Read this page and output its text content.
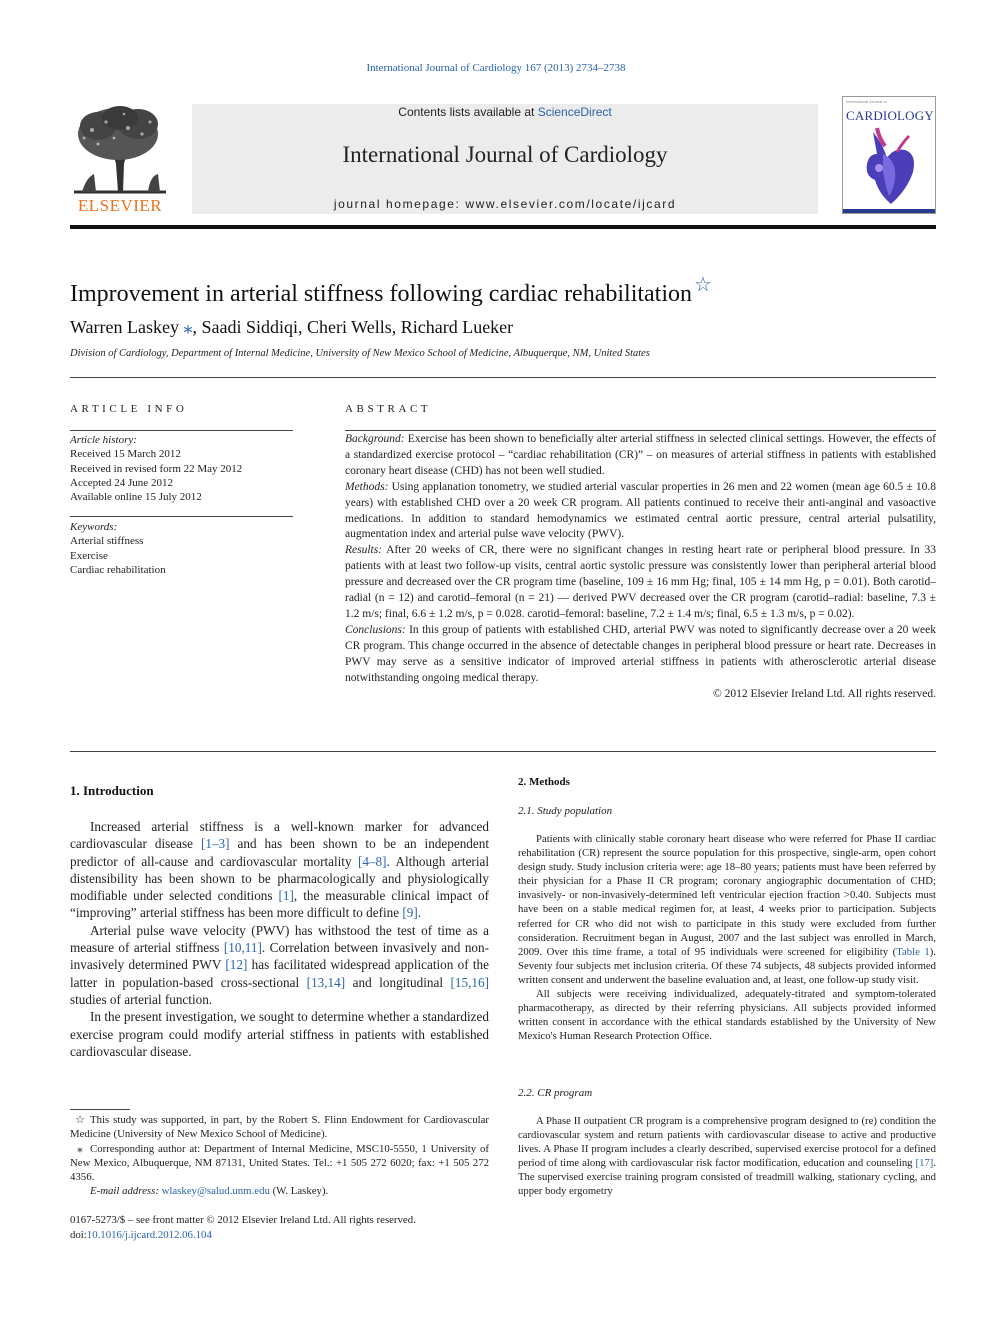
International Journal of Cardiology 167 (2013) 2734–2738
ELSEVIER
Contents lists available at ScienceDirect
International Journal of Cardiology
journal homepage: www.elsevier.com/locate/ijcard
International Journal of
CARDIOLOGY
Improvement in arterial stiffness following cardiac rehabilitation ☆
Warren Laskey ⁎, Saadi Siddiqi, Cheri Wells, Richard Lueker
Division of Cardiology, Department of Internal Medicine, University of New Mexico School of Medicine, Albuquerque, NM, United States
ARTICLE INFO
Article history:
Received 15 March 2012
Received in revised form 22 May 2012
Accepted 24 June 2012
Available online 15 July 2012
Keywords:
Arterial stiffness
Exercise
Cardiac rehabilitation
ABSTRACT

Background: Exercise has been shown to beneficially alter arterial stiffness in selected clinical settings. However, the effects of a standardized exercise protocol – “cardiac rehabilitation (CR)” – on measures of arterial stiffness in patients with established coronary heart disease (CHD) has not been well studied.

Methods: Using applanation tonometry, we studied arterial vascular properties in 26 men and 22 women (mean age 60.5 ± 10.8 years) with established CHD over a 20 week CR program. All patients continued to receive their anti-anginal and vasoactive medications. In addition to standard hemodynamics we estimated central aortic pressure, central arterial pulsatility, augmentation index and arterial pulse wave velocity (PWV).

Results: After 20 weeks of CR, there were no significant changes in resting heart rate or peripheral blood pressure. In 33 patients with at least two follow-up visits, central aortic systolic pressure was consistently lower than peripheral arterial blood pressure and decreased over the CR program time (baseline, 109 ± 16 mm Hg; final, 105 ± 14 mm Hg, p = 0.01). Both carotid–radial (n = 12) and carotid–femoral (n = 21) — derived PWV decreased over the CR program (carotid–radial: baseline, 7.3 ± 1.2 m/s; final, 6.6 ± 1.2 m/s, p = 0.028. carotid–femoral: baseline, 7.2 ± 1.4 m/s; final, 6.5 ± 1.3 m/s, p = 0.02).

Conclusions: In this group of patients with established CHD, arterial PWV was noted to significantly decrease over a 20 week CR program. This change occurred in the absence of detectable changes in peripheral blood pressure or heart rate. Decreases in PWV may serve as a sensitive indicator of improved arterial stiffness in patients with atherosclerotic arterial disease notwithstanding ongoing medical therapy.

© 2012 Elsevier Ireland Ltd. All rights reserved.

1. Introduction

Increased arterial stiffness is a well-known marker for advanced cardiovascular disease [1–3] and has been shown to be an independent predictor of all-cause and cardiovascular mortality [4–8]. Although arterial distensibility has been shown to be pharmacologically and physiologically modifiable under selected conditions [1], the measurable clinical impact of “improving” arterial stiffness has been more difficult to define [9].

Arterial pulse wave velocity (PWV) has withstood the test of time as a measure of arterial stiffness [10,11]. Correlation between invasively and non-invasively determined PWV [12] has facilitated widespread application of the latter in population-based cross-sectional [13,14] and longitudinal [15,16] studies of arterial function.

In the present investigation, we sought to determine whether a standardized exercise program could modify arterial stiffness in patients with established cardiovascular disease.

☆ This study was supported, in part, by the Robert S. Flinn Endowment for Cardiovascular Medicine (University of New Mexico School of Medicine).

⁎ Corresponding author at: Department of Internal Medicine, MSC10-5550, 1 University of New Mexico, Albuquerque, NM 87131, United States. Tel.: +1 505 272 6020; fax: +1 505 272 4356.

E-mail address: wlaskey@salud.unm.edu (W. Laskey).

0167-5273/$ – see front matter © 2012 Elsevier Ireland Ltd. All rights reserved.
doi:10.1016/j.ijcard.2012.06.104
2. Methods
2.1. Study population

Patients with clinically stable coronary heart disease who were referred for Phase II cardiac rehabilitation (CR) represent the source population for this prospective, single-arm, open cohort design study. Study inclusion criteria were: age 18–80 years; patients must have been referred by their physician for a Phase II CR program; coronary angiographic documentation of CHD; invasively- or non-invasively-determined left ventricular ejection fraction >0.40. Subjects must have been on a stable medical regimen for, at least, 4 weeks prior to participation. Subjects referred for CR who did not wish to participate in this study were excluded from further consideration. Recruitment began in August, 2007 and the last subject was enrolled in March, 2009. Over this time frame, a total of 95 individuals were screened for eligibility (Table 1). Seventy four subjects met inclusion criteria. Of these 74 subjects, 48 subjects provided informed written consent and underwent the baseline evaluation and, at least, one follow-up study visit.

All subjects were receiving individualized, adequately-titrated and symptom-tolerated pharmacotherapy, as directed by their referring physicians. All subjects provided informed written consent in accordance with the ethical standards established by the University of New Mexico's Human Research Protection Office.

2.2. CR program

A Phase II outpatient CR program is a comprehensive program designed to (re) condition the cardiovascular system and return patients with cardiovascular disease to active and productive lives. A Phase II program includes a clearly described, supervised exercise protocol for a defined period of time along with cardiovascular risk factor modification, education and counseling [17]. The supervised exercise training program consisted of treadmill walking, stationary cycling, and upper body ergometry
